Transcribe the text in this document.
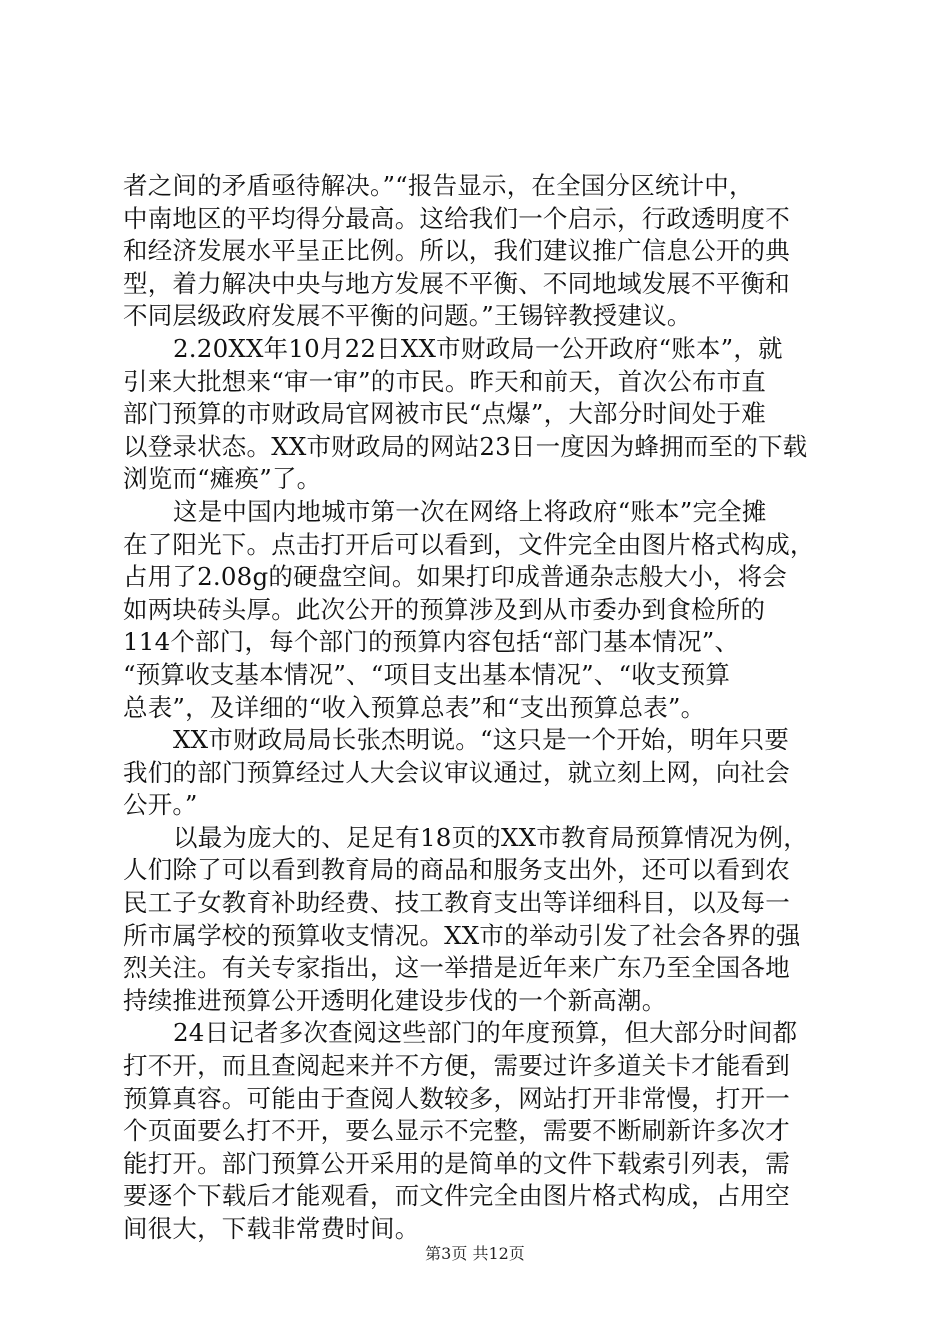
者之间的矛盾亟待解决。”“报告显示，在全国分区统计中，
中南地区的平均得分最高。这给我们一个启示，行政透明度不
和经济发展水平呈正比例。所以，我们建议推广信息公开的典
型，着力解决中央与地方发展不平衡、不同地域发展不平衡和
不同层级政府发展不平衡的问题。”王锡锌教授建议。
2.20XX年10月22日XX市财政局一公开政府“账本”，就
引来大批想来“审一审”的市民。昨天和前天，首次公布市直
部门预算的市财政局官网被市民“点爆”，大部分时间处于难
以登录状态。XX市财政局的网站23日一度因为蜂拥而至的下载
浏览而“瘫痪”了。
这是中国内地城市第一次在网络上将政府“账本”完全摊
在了阳光下。点击打开后可以看到，文件完全由图片格式构成，
占用了2.08g的硬盘空间。如果打印成普通杂志般大小，将会
如两块砖头厚。此次公开的预算涉及到从市委办到食检所的
114个部门，每个部门的预算内容包括“部门基本情况”、
“预算收支基本情况”、“项目支出基本情况”、“收支预算
总表”，及详细的“收入预算总表”和“支出预算总表”。
XX市财政局局长张杰明说。“这只是一个开始，明年只要
我们的部门预算经过人大会议审议通过，就立刻上网，向社会
公开。”
以最为庞大的、足足有18页的XX市教育局预算情况为例，
人们除了可以看到教育局的商品和服务支出外，还可以看到农
民工子女教育补助经费、技工教育支出等详细科目，以及每一
所市属学校的预算收支情况。XX市的举动引发了社会各界的强
烈关注。有关专家指出，这一举措是近年来广东乃至全国各地
持续推进预算公开透明化建设步伐的一个新高潮。
24日记者多次查阅这些部门的年度预算，但大部分时间都
打不开，而且查阅起来并不方便，需要过许多道关卡才能看到
预算真容。可能由于查阅人数较多，网站打开非常慢，打开一
个页面要么打不开，要么显示不完整，需要不断刷新许多次才
能打开。部门预算公开采用的是简单的文件下载索引列表，需
要逐个下载后才能观看，而文件完全由图片格式构成，占用空
间很大，下载非常费时间。
第3页 共12页
